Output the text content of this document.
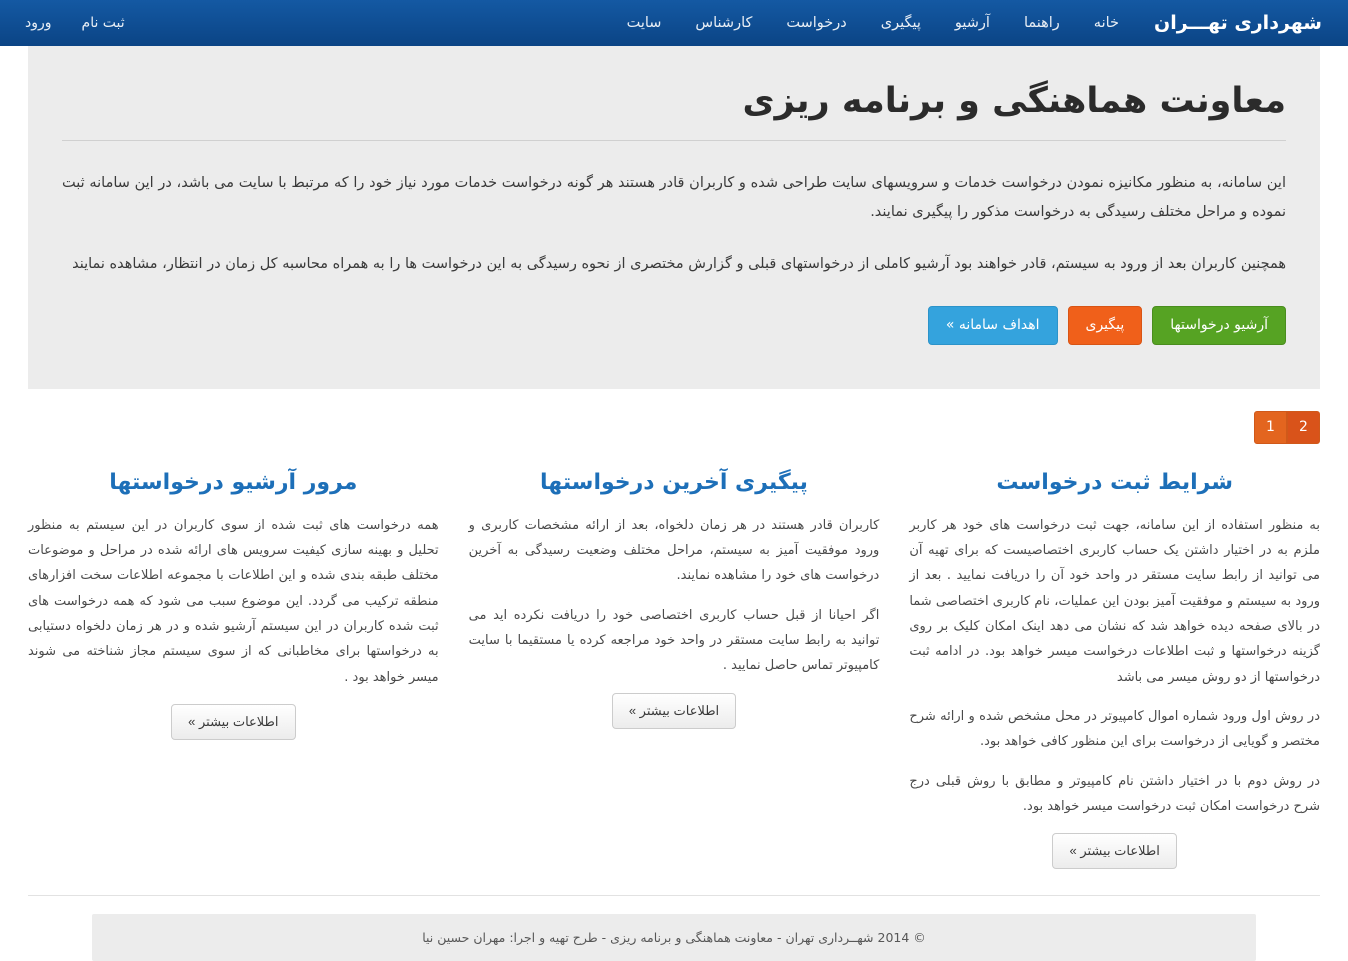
شهرداری تهـــران
خانه
راهنما
آرشیو
پیگیری
درخواست
کارشناس
سایت
ثبت نام
ورود
معاونت هماهنگی و برنامه ریزی

این سامانه، به منظور مکانیزه نمودن درخواست خدمات و سرویسهای سایت طراحی شده و کاربران قادر هستند هر گونه درخواست خدمات مورد نیاز خود را که مرتبط با سایت می باشد، در این سامانه ثبت نموده و مراحل مختلف رسیدگی به درخواست مذکور را پیگیری نمایند.

همچنین کاربران بعد از ورود به سیستم، قادر خواهند بود آرشیو کاملی از درخواستهای قبلی و گزارش مختصری از نحوه رسیدگی به این درخواست ها را به همراه محاسبه کل زمان در انتظار، مشاهده نمایند

آرشیو درخواستها
پیگیری
اهداف سامانه »
2
1
شرایط ثبت درخواست

به منظور استفاده از این سامانه، جهت ثبت درخواست های خود هر کاربر ملزم به در اختیار داشتن یک حساب کاربری اختصاصیست که برای تهیه آن می توانید از رابط سایت مستقر در واحد خود آن را دریافت نمایید . بعد از ورود به سیستم و موفقیت آمیز بودن این عملیات، نام کاربری اختصاصی شما در بالای صفحه دیده خواهد شد که نشان می دهد اینک امکان کلیک بر روی گزینه درخواستها و ثبت اطلاعات درخواست میسر خواهد بود. در ادامه ثبت درخواستها از دو روش میسر می باشد

در روش اول ورود شماره اموال کامپیوتر در محل مشخص شده و ارائه شرح مختصر و گویایی از درخواست برای این منظور کافی خواهد بود.

در روش دوم با در اختیار داشتن نام کامپیوتر و مطابق با روش قبلی درج شرح درخواست امکان ثبت درخواست میسر خواهد بود.

اطلاعات بیشتر »
پیگیری آخرین درخواستها

کاربران قادر هستند در هر زمان دلخواه، بعد از ارائه مشخصات کاربری و ورود موفقیت آمیز به سیستم، مراحل مختلف وضعیت رسیدگی به آخرین درخواست های خود را مشاهده نمایند.

اگر احیانا از قبل حساب کاربری اختصاصی خود را دریافت نکرده اید می توانید به رابط سایت مستقر در واحد خود مراجعه کرده یا مستقیما با سایت کامپیوتر تماس حاصل نمایید .

اطلاعات بیشتر »
مرور آرشیو درخواستها

همه درخواست های ثبت شده از سوی کاربران در این سیستم به منظور تحلیل و بهینه سازی کیفیت سرویس های ارائه شده در مراحل و موضوعات مختلف طبقه بندی شده و این اطلاعات با مجموعه اطلاعات سخت افزارهای منطقه ترکیب می گردد. این موضوع سبب می شود که همه درخواست های ثبت شده کاربران در این سیستم آرشیو شده و در هر زمان دلخواه دستیابی به درخواستها برای مخاطبانی که از سوی سیستم مجاز شناخته می شوند میسر خواهد بود .

اطلاعات بیشتر »
© 2014 شهــرداری تهران - معاونت هماهنگی و برنامه ریزی - طرح تهیه و اجرا: مهران حسین نیا
